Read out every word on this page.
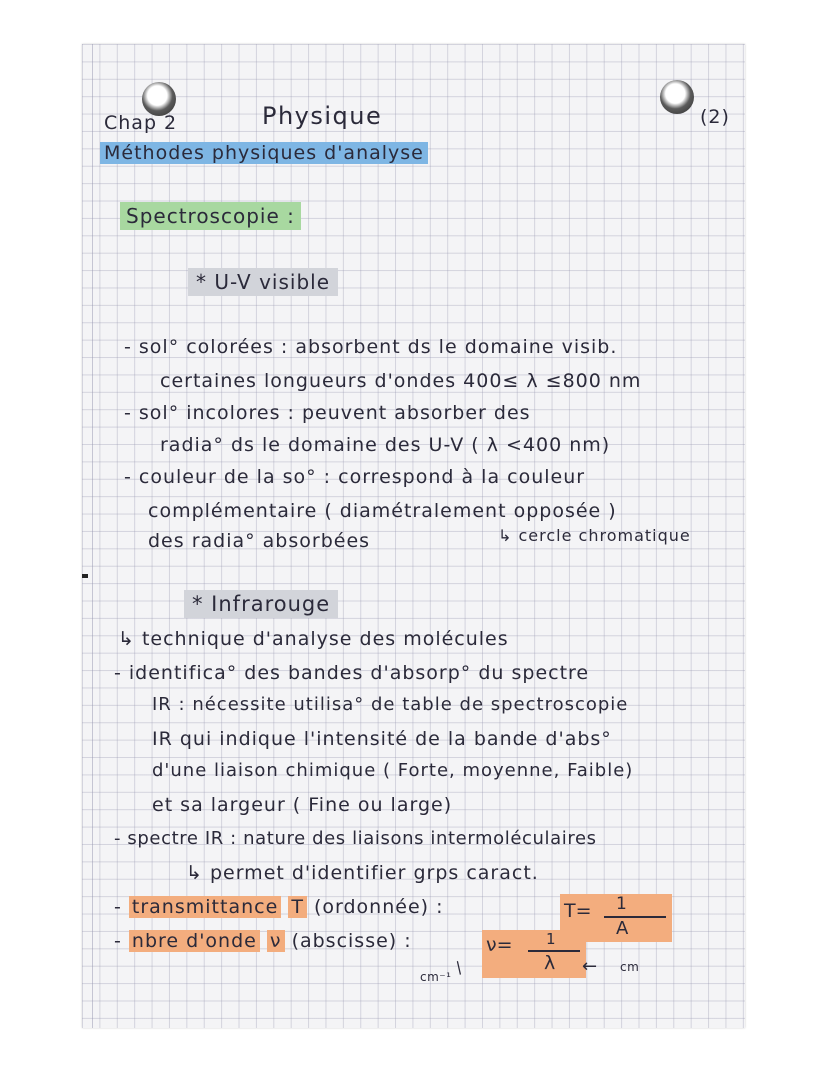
Chap 2	Physique	(2)
Méthodes physiques d'analyse
Spectroscopie :
* U-V visible
- sol° colorées : absorbent ds le domaine visib.
certaines longueurs d'ondes 400≤ λ ≤800 nm
- sol° incolores : peuvent absorber des
radia° ds le domaine des U-V ( λ <400 nm)
- couleur de la so° : correspond à la couleur
complémentaire ( diamétralement opposée )
des radia° absorbées	↳ cercle chromatique
* Infrarouge
↳ technique d'analyse des molécules
- identifica° des bandes d'absorp° du spectre
IR : nécessite utilisa° de table de spectroscopie
IR qui indique l'intensité de la bande d'abs°
d'une liaison chimique ( Forte, moyenne, Faible)
et sa largeur ( Fine ou large)
- spectre IR : nature des liaisons intermoléculaires
↳ permet d'identifier grps caract.
- transmittance T (ordonnée) :	T= 1
A
- nbre d'onde ν (abscisse) :	ν= 1
λ
cm⁻¹ /	← cm
